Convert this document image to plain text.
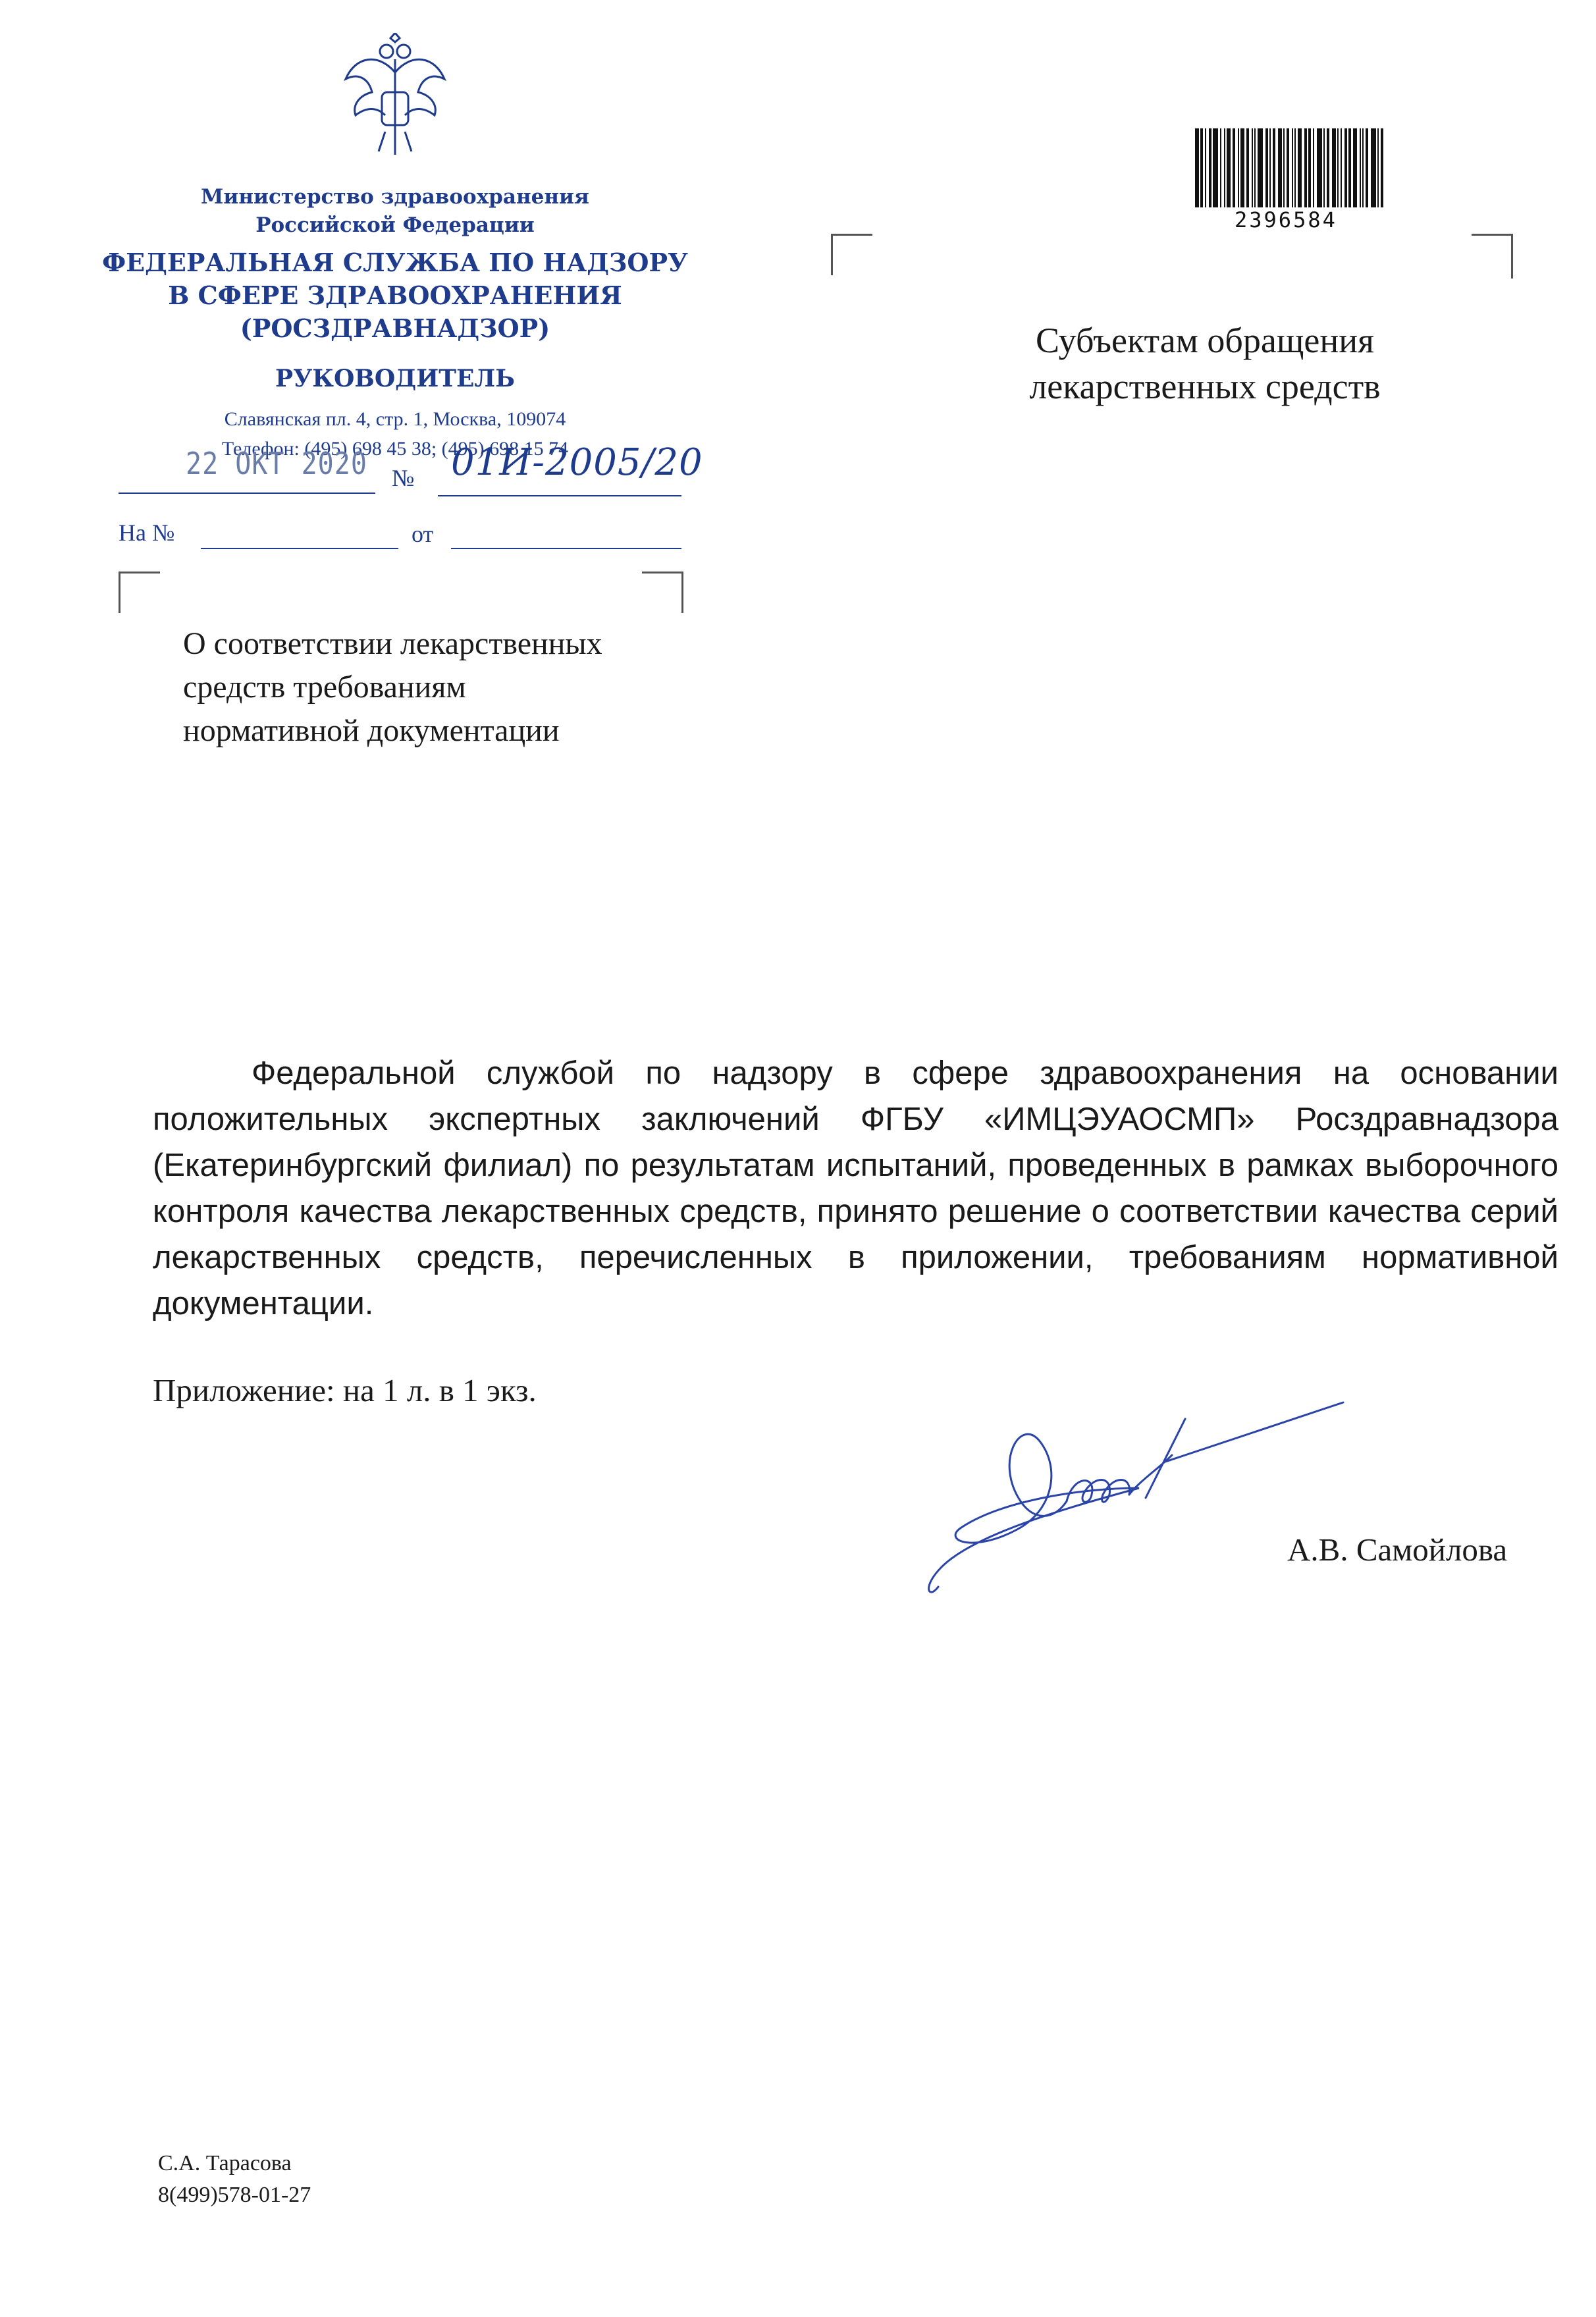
Министерство здравоохранения
Российской Федерации
ФЕДЕРАЛЬНАЯ СЛУЖБА ПО НАДЗОРУ
В СФЕРЕ ЗДРАВООХРАНЕНИЯ
(РОСЗДРАВНАДЗОР)
РУКОВОДИТЕЛЬ
Славянская пл. 4, стр. 1, Москва, 109074
Телефон: (495) 698 45 38; (495) 698 15 74
22 ОКТ 2020 № 01И-2005/20
На №	от
О соответствии лекарственных
средств требованиям
нормативной документации
2396584
Субъектам обращения
лекарственных средств

Федеральной службой по надзору в сфере здравоохранения на основании положительных экспертных заключений ФГБУ «ИМЦЭУАОСМП» Росздравнадзора (Екатеринбургский филиал) по результатам испытаний, проведенных в рамках выборочного контроля качества лекарственных средств, принято решение о соответствии качества серий лекарственных средств, перечисленных в приложении, требованиям нормативной документации.

Приложение: на 1 л. в 1 экз.
А.В. Самойлова
С.А. Тарасова
8(499)578-01-27
